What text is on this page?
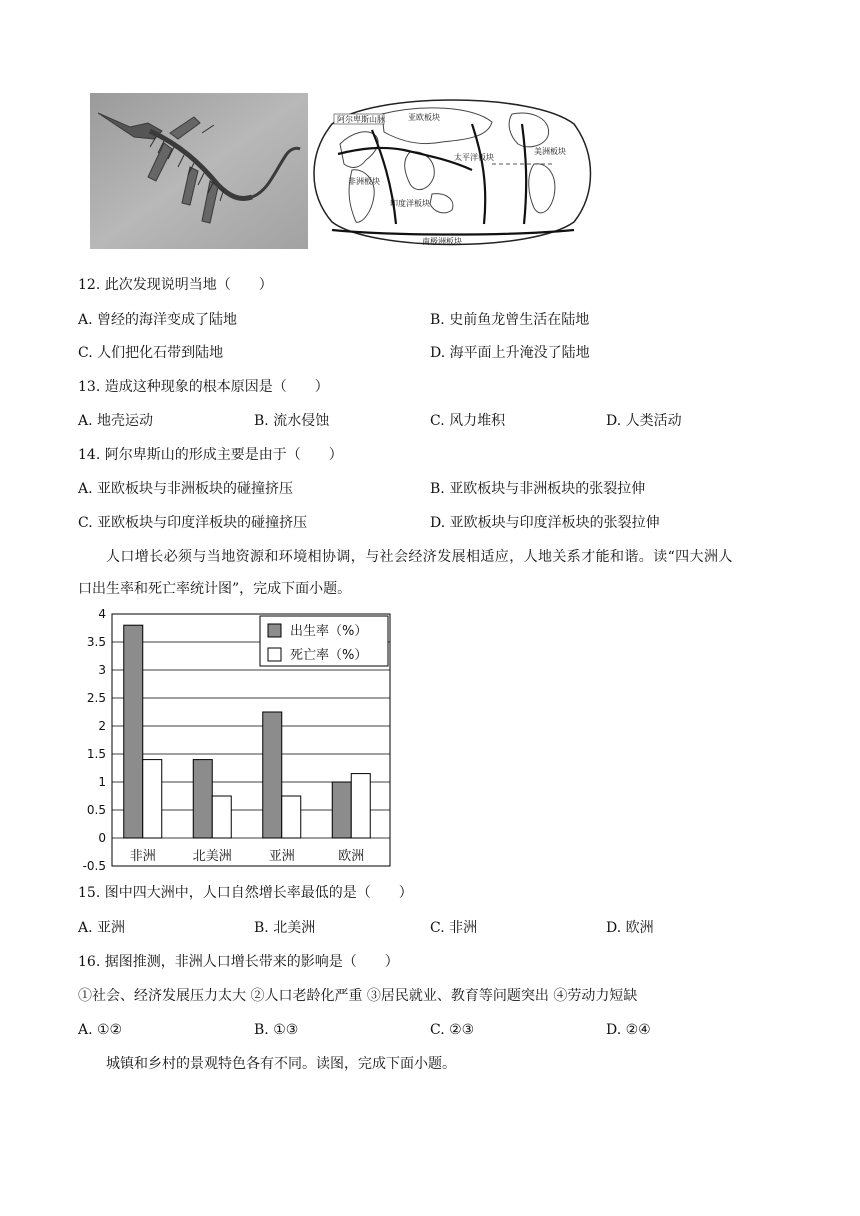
阿尔卑斯山脉	亚欧板块
太平洋板块
非洲板块
印度洋板块
南极洲板块
美洲板块
12. 此次发现说明当地（　　）
A. 曾经的海洋变成了陆地	B. 史前鱼龙曾生活在陆地
C. 人们把化石带到陆地	D. 海平面上升淹没了陆地
13. 造成这种现象的根本原因是（　　）
A. 地壳运动	B. 流水侵蚀	C. 风力堆积	D. 人类活动
14. 阿尔卑斯山的形成主要是由于（　　）
A. 亚欧板块与非洲板块的碰撞挤压	B. 亚欧板块与非洲板块的张裂拉伸
C. 亚欧板块与印度洋板块的碰撞挤压	D. 亚欧板块与印度洋板块的张裂拉伸
人口增长必须与当地资源和环境相协调，与社会经济发展相适应，人地关系才能和谐。读“四大洲人
口出生率和死亡率统计图”，完成下面小题。
4
3.5
3
2.5
2
1.5
1
0.5
0
-0.5
非洲	北美洲	亚洲	欧洲
出生率（%）
死亡率（%）
15. 图中四大洲中，人口自然增长率最低的是（　　）
A. 亚洲	B. 北美洲	C. 非洲	D. 欧洲
16. 据图推测，非洲人口增长带来的影响是（　　）
①社会、经济发展压力太大 ②人口老龄化严重 ③居民就业、教育等问题突出 ④劳动力短缺
A. ①②	B. ①③	C. ②③	D. ②④
城镇和乡村的景观特色各有不同。读图，完成下面小题。
